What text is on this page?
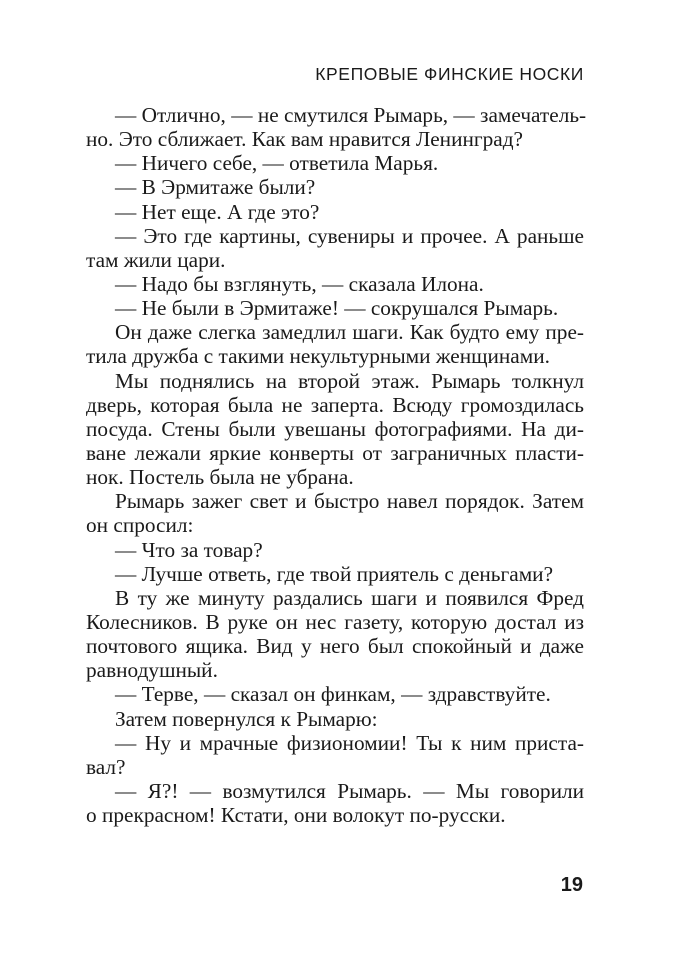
КРЕПОВЫЕ ФИНСКИЕ НОСКИ
— Отлично, — не смутился Рымарь, — замечатель-
но. Это сближает. Как вам нравится Ленинград?
— Ничего себе, — ответила Марья.
— В Эрмитаже были?
— Нет еще. А где это?
— Это где картины, сувениры и прочее. А раньше
там жили цари.
— Надо бы взглянуть, — сказала Илона.
— Не были в Эрмитаже! — сокрушался Рымарь.
Он даже слегка замедлил шаги. Как будто ему пре-
тила дружба с такими некультурными женщинами.
Мы поднялись на второй этаж. Рымарь толкнул
дверь, которая была не заперта. Всюду громоздилась
посуда. Стены были увешаны фотографиями. На ди-
ване лежали яркие конверты от заграничных пласти-
нок. Постель была не убрана.
Рымарь зажег свет и быстро навел порядок. Затем
он спросил:
— Что за товар?
— Лучше ответь, где твой приятель с деньгами?
В ту же минуту раздались шаги и появился Фред
Колесников. В руке он нес газету, которую достал из
почтового ящика. Вид у него был спокойный и даже
равнодушный.
— Терве, — сказал он финкам, — здравствуйте.
Затем повернулся к Рымарю:
— Ну и мрачные физиономии! Ты к ним приста-
вал?
— Я?! — возмутился Рымарь. — Мы говорили
о прекрасном! Кстати, они волокут по-русски.
19
